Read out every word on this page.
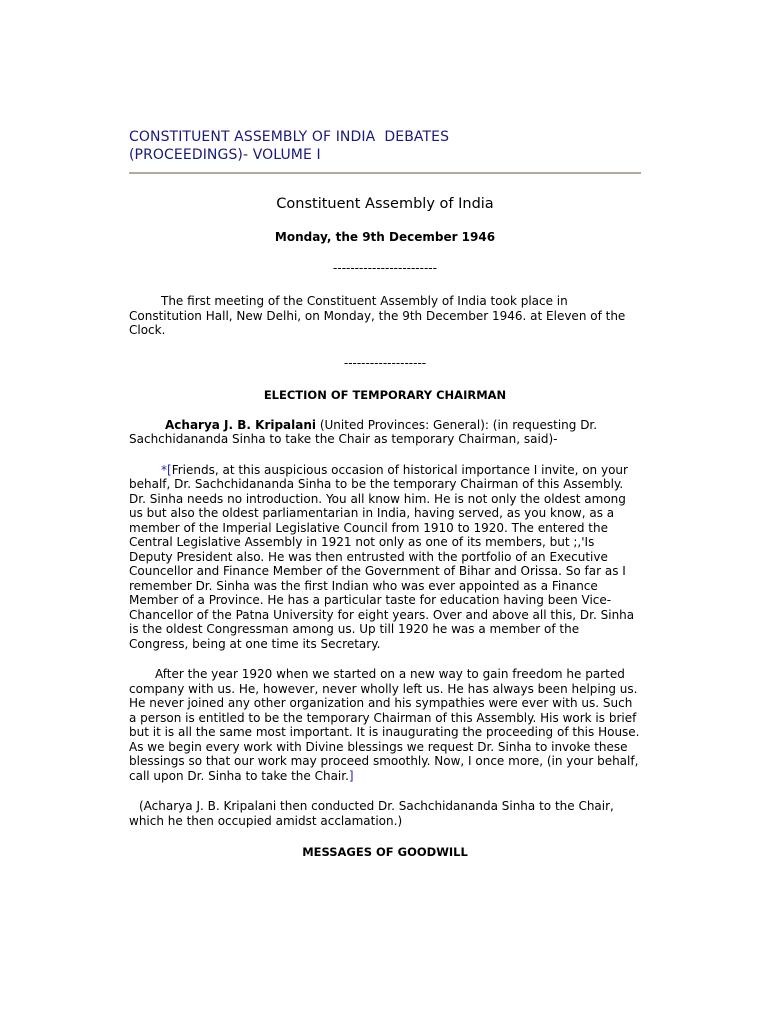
CONSTITUENT ASSEMBLY OF INDIA  DEBATES
(PROCEEDINGS)- VOLUME I
Constituent Assembly of India
Monday, the 9th December 1946
------------------------

The first meeting of the Constituent Assembly of India took place in Constitution Hall, New Delhi, on Monday, the 9th December 1946. at Eleven of the Clock.

-------------------
ELECTION OF TEMPORARY CHAIRMAN

Acharya J. B. Kripalani (United Provinces: General): (in requesting Dr. Sachchidananda Sinha to take the Chair as temporary Chairman, said)-

*[Friends, at this auspicious occasion of historical importance I invite, on your behalf, Dr. Sachchidananda Sinha to be the temporary Chairman of this Assembly. Dr. Sinha needs no introduction. You all know him. He is not only the oldest among us but also the oldest parliamentarian in India, having served, as you know, as a member of the Imperial Legislative Council from 1910 to 1920. The entered the Central Legislative Assembly in 1921 not only as one of its members, but ;,'Is Deputy President also. He was then entrusted with the portfolio of an Executive Councellor and Finance Member of the Government of Bihar and Orissa. So far as I remember Dr. Sinha was the first Indian who was ever appointed as a Finance Member of a Province. He has a particular taste for education having been Vice-Chancellor of the Patna University for eight years. Over and above all this, Dr. Sinha is the oldest Congressman among us. Up till 1920 he was a member of the Congress, being at one time its Secretary.

After the year 1920 when we started on a new way to gain freedom he parted company with us. He, however, never wholly left us. He has always been helping us. He never joined any other organization and his sympathies were ever with us. Such a person is entitled to be the temporary Chairman of this Assembly. His work is brief but it is all the same most important. It is inaugurating the proceeding of this House. As we begin every work with Divine blessings we request Dr. Sinha to invoke these blessings so that our work may proceed smoothly. Now, I once more, (in your behalf, call upon Dr. Sinha to take the Chair.]

(Acharya J. B. Kripalani then conducted Dr. Sachchidananda Sinha to the Chair, which he then occupied amidst acclamation.)

MESSAGES OF GOODWILL
